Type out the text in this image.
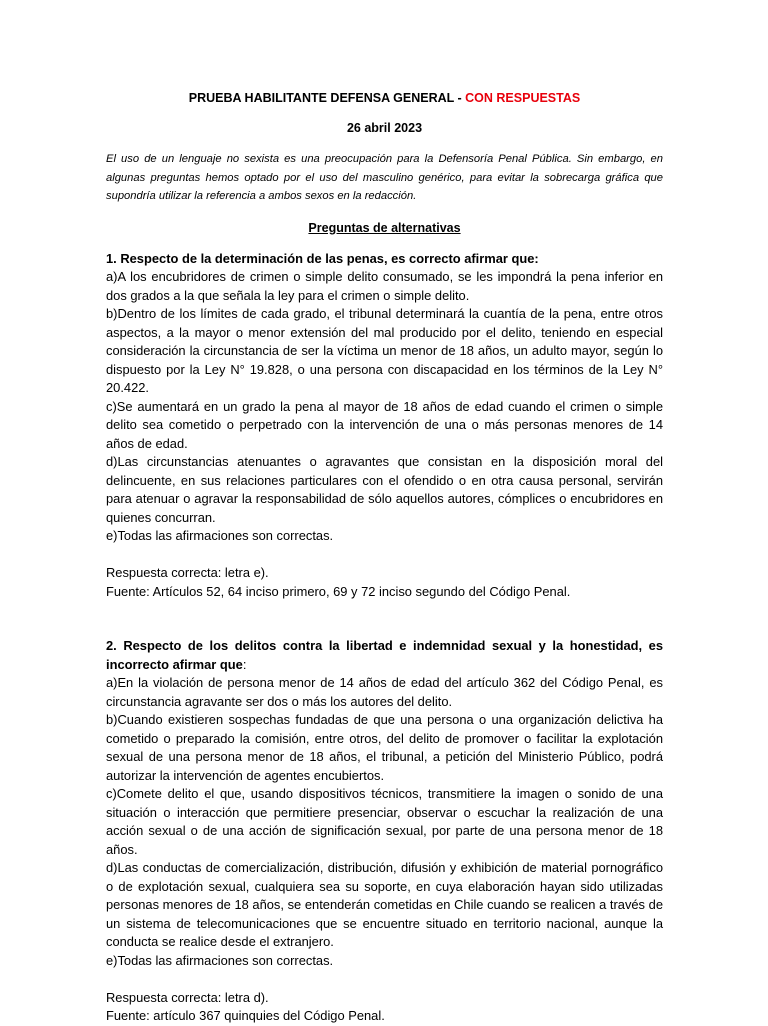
PRUEBA HABILITANTE DEFENSA GENERAL - CON RESPUESTAS

26 abril 2023

El uso de un lenguaje no sexista es una preocupación para la Defensoría Penal Pública. Sin embargo, en algunas preguntas hemos optado por el uso del masculino genérico, para evitar la sobrecarga gráfica que supondría utilizar la referencia a ambos sexos en la redacción.

Preguntas de alternativas

1. Respecto de la determinación de las penas, es correcto afirmar que:

a)A los encubridores de crimen o simple delito consumado, se les impondrá la pena inferior en dos grados a la que señala la ley para el crimen o simple delito.

b)Dentro de los límites de cada grado, el tribunal determinará la cuantía de la pena, entre otros aspectos, a la mayor o menor extensión del mal producido por el delito, teniendo en especial consideración la circunstancia de ser la víctima un menor de 18 años, un adulto mayor, según lo dispuesto por la Ley N° 19.828, o una persona con discapacidad en los términos de la Ley N° 20.422.

c)Se aumentará en un grado la pena al mayor de 18 años de edad cuando el crimen o simple delito sea cometido o perpetrado con la intervención de una o más personas menores de 14 años de edad.

d)Las circunstancias atenuantes o agravantes que consistan en la disposición moral del delincuente, en sus relaciones particulares con el ofendido o en otra causa personal, servirán para atenuar o agravar la responsabilidad de sólo aquellos autores, cómplices o encubridores en quienes concurran.

e)Todas las afirmaciones son correctas.

Respuesta correcta: letra e).

Fuente: Artículos 52, 64 inciso primero, 69 y 72 inciso segundo del Código Penal.

2. Respecto de los delitos contra la libertad e indemnidad sexual y la honestidad, es incorrecto afirmar que:

a)En la violación de persona menor de 14 años de edad del artículo 362 del Código Penal, es circunstancia agravante ser dos o más los autores del delito.

b)Cuando existieren sospechas fundadas de que una persona o una organización delictiva ha cometido o preparado la comisión, entre otros, del delito de promover o facilitar la explotación sexual de una persona menor de 18 años, el tribunal, a petición del Ministerio Público, podrá autorizar la intervención de agentes encubiertos.

c)Comete delito el que, usando dispositivos técnicos, transmitiere la imagen o sonido de una situación o interacción que permitiere presenciar, observar o escuchar la realización de una acción sexual o de una acción de significación sexual, por parte de una persona menor de 18 años.

d)Las conductas de comercialización, distribución, difusión y exhibición de material pornográfico o de explotación sexual, cualquiera sea su soporte, en cuya elaboración hayan sido utilizadas personas menores de 18 años, se entenderán cometidas en Chile cuando se realicen a través de un sistema de telecomunicaciones que se encuentre situado en territorio nacional, aunque la conducta se realice desde el extranjero.

e)Todas las afirmaciones son correctas.

Respuesta correcta: letra d).

Fuente: artículo 367 quinquies del Código Penal.
